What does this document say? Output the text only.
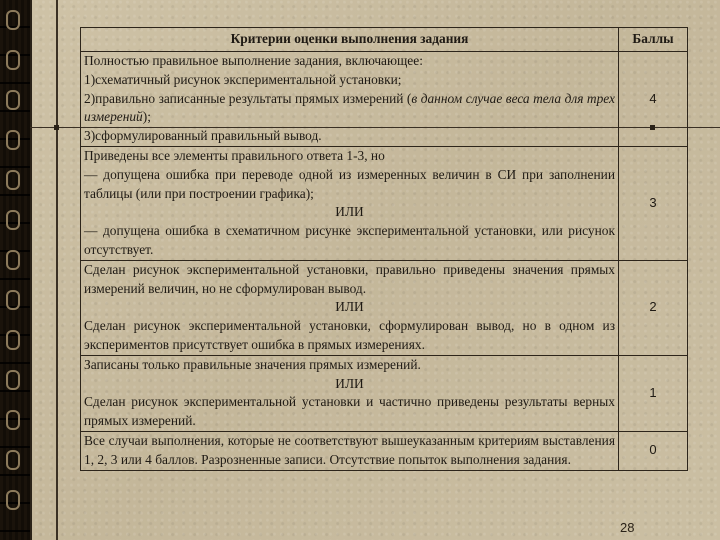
Критерии оценки выполнения задания	Баллы

Полностью правильное выполнение задания, включающее:
1)схематичный рисунок экспериментальной установки;
2)правильно записанные результаты прямых измерений (в данном случае веса тела для трех измерений);
3)сформулированный правильный вывод.	4

Приведены все элементы правильного ответа 1-3, но
— допущена ошибка при переводе одной из измеренных величин в СИ при заполнении таблицы (или при построении графика);
ИЛИ
— допущена ошибка в схематичном рисунке экспериментальной установки, или рисунок отсутствует.	3

Сделан рисунок экспериментальной установки, правильно приведены значения прямых измерений величин, но не сформулирован вывод.
ИЛИ
Сделан рисунок экспериментальной установки, сформулирован вывод, но в одном из экспериментов присутствует ошибка в прямых измерениях.	2

Записаны только правильные значения прямых измерений.
ИЛИ
Сделан рисунок экспериментальной установки и частично приведены результаты верных прямых измерений.	1

Все случаи выполнения, которые не соответствуют вышеуказанным критериям выставления 1, 2, 3 или 4 баллов. Разрозненные записи. Отсутствие попыток выполнения задания.	0
28
